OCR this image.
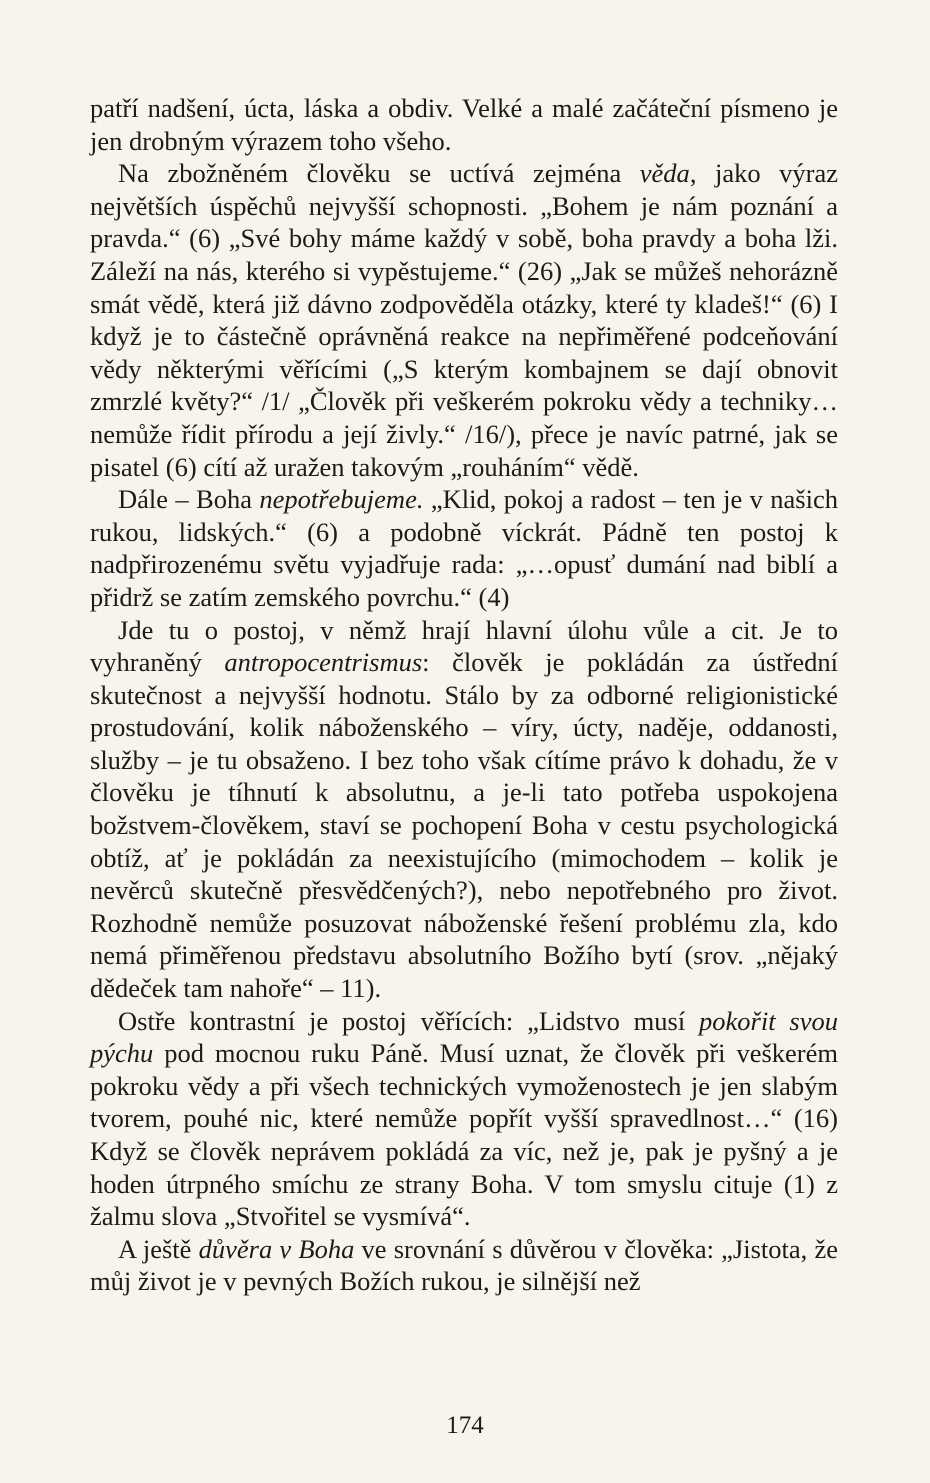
patří nadšení, úcta, láska a obdiv. Velké a malé začáteční písmeno je jen drobným výrazem toho všeho.

Na zbožněném člověku se uctívá zejména věda, jako výraz největších úspěchů nejvyšší schopnosti. „Bohem je nám poznání a pravda.“ (6) „Své bohy máme každý v sobě, boha pravdy a boha lži. Záleží na nás, kterého si vypěstujeme.“ (26) „Jak se můžeš nehorázně smát vědě, která již dávno zodpověděla otázky, které ty kladeš!“ (6) I když je to částečně oprávněná reakce na nepřiměřené podceňování vědy některými věřícími („S kterým kombajnem se dají obnovit zmrzlé květy?“ /1/ „Člověk při veškerém pokroku vědy a techniky… nemůže řídit přírodu a její živly.“ /16/), přece je navíc patrné, jak se pisatel (6) cítí až uražen takovým „rouháním“ vědě.

Dále – Boha nepotřebujeme. „Klid, pokoj a radost – ten je v našich rukou, lidských.“ (6) a podobně víckrát. Pádně ten postoj k nadpřirozenému světu vyjadřuje rada: „…opusť dumání nad biblí a přidrž se zatím zemského povrchu.“ (4)

Jde tu o postoj, v němž hrají hlavní úlohu vůle a cit. Je to vyhraněný antropocentrismus: člověk je pokládán za ústřední skutečnost a nejvyšší hodnotu. Stálo by za odborné religionistické prostudování, kolik náboženského – víry, úcty, naděje, oddanosti, služby – je tu obsaženo. I bez toho však cítíme právo k dohadu, že v člověku je tíhnutí k absolutnu, a je-li tato potřeba uspokojena božstvem-člověkem, staví se pochopení Boha v cestu psychologická obtíž, ať je pokládán za neexistujícího (mimochodem – kolik je nevěrců skutečně přesvědčených?), nebo nepotřebného pro život. Rozhodně nemůže posuzovat náboženské řešení problému zla, kdo nemá přiměřenou představu absolutního Božího bytí (srov. „nějaký dědeček tam nahoře“ – 11).

Ostře kontrastní je postoj věřících: „Lidstvo musí pokořit svou pýchu pod mocnou ruku Páně. Musí uznat, že člověk při veškerém pokroku vědy a při všech technických vymoženostech je jen slabým tvorem, pouhé nic, které nemůže popřít vyšší spravedlnost…“ (16) Když se člověk neprávem pokládá za víc, než je, pak je pyšný a je hoden útrpného smíchu ze strany Boha. V tom smyslu cituje (1) z žalmu slova „Stvořitel se vysmívá“.

A ještě důvěra v Boha ve srovnání s důvěrou v člověka: „Jistota, že můj život je v pevných Božích rukou, je silnější než

174
